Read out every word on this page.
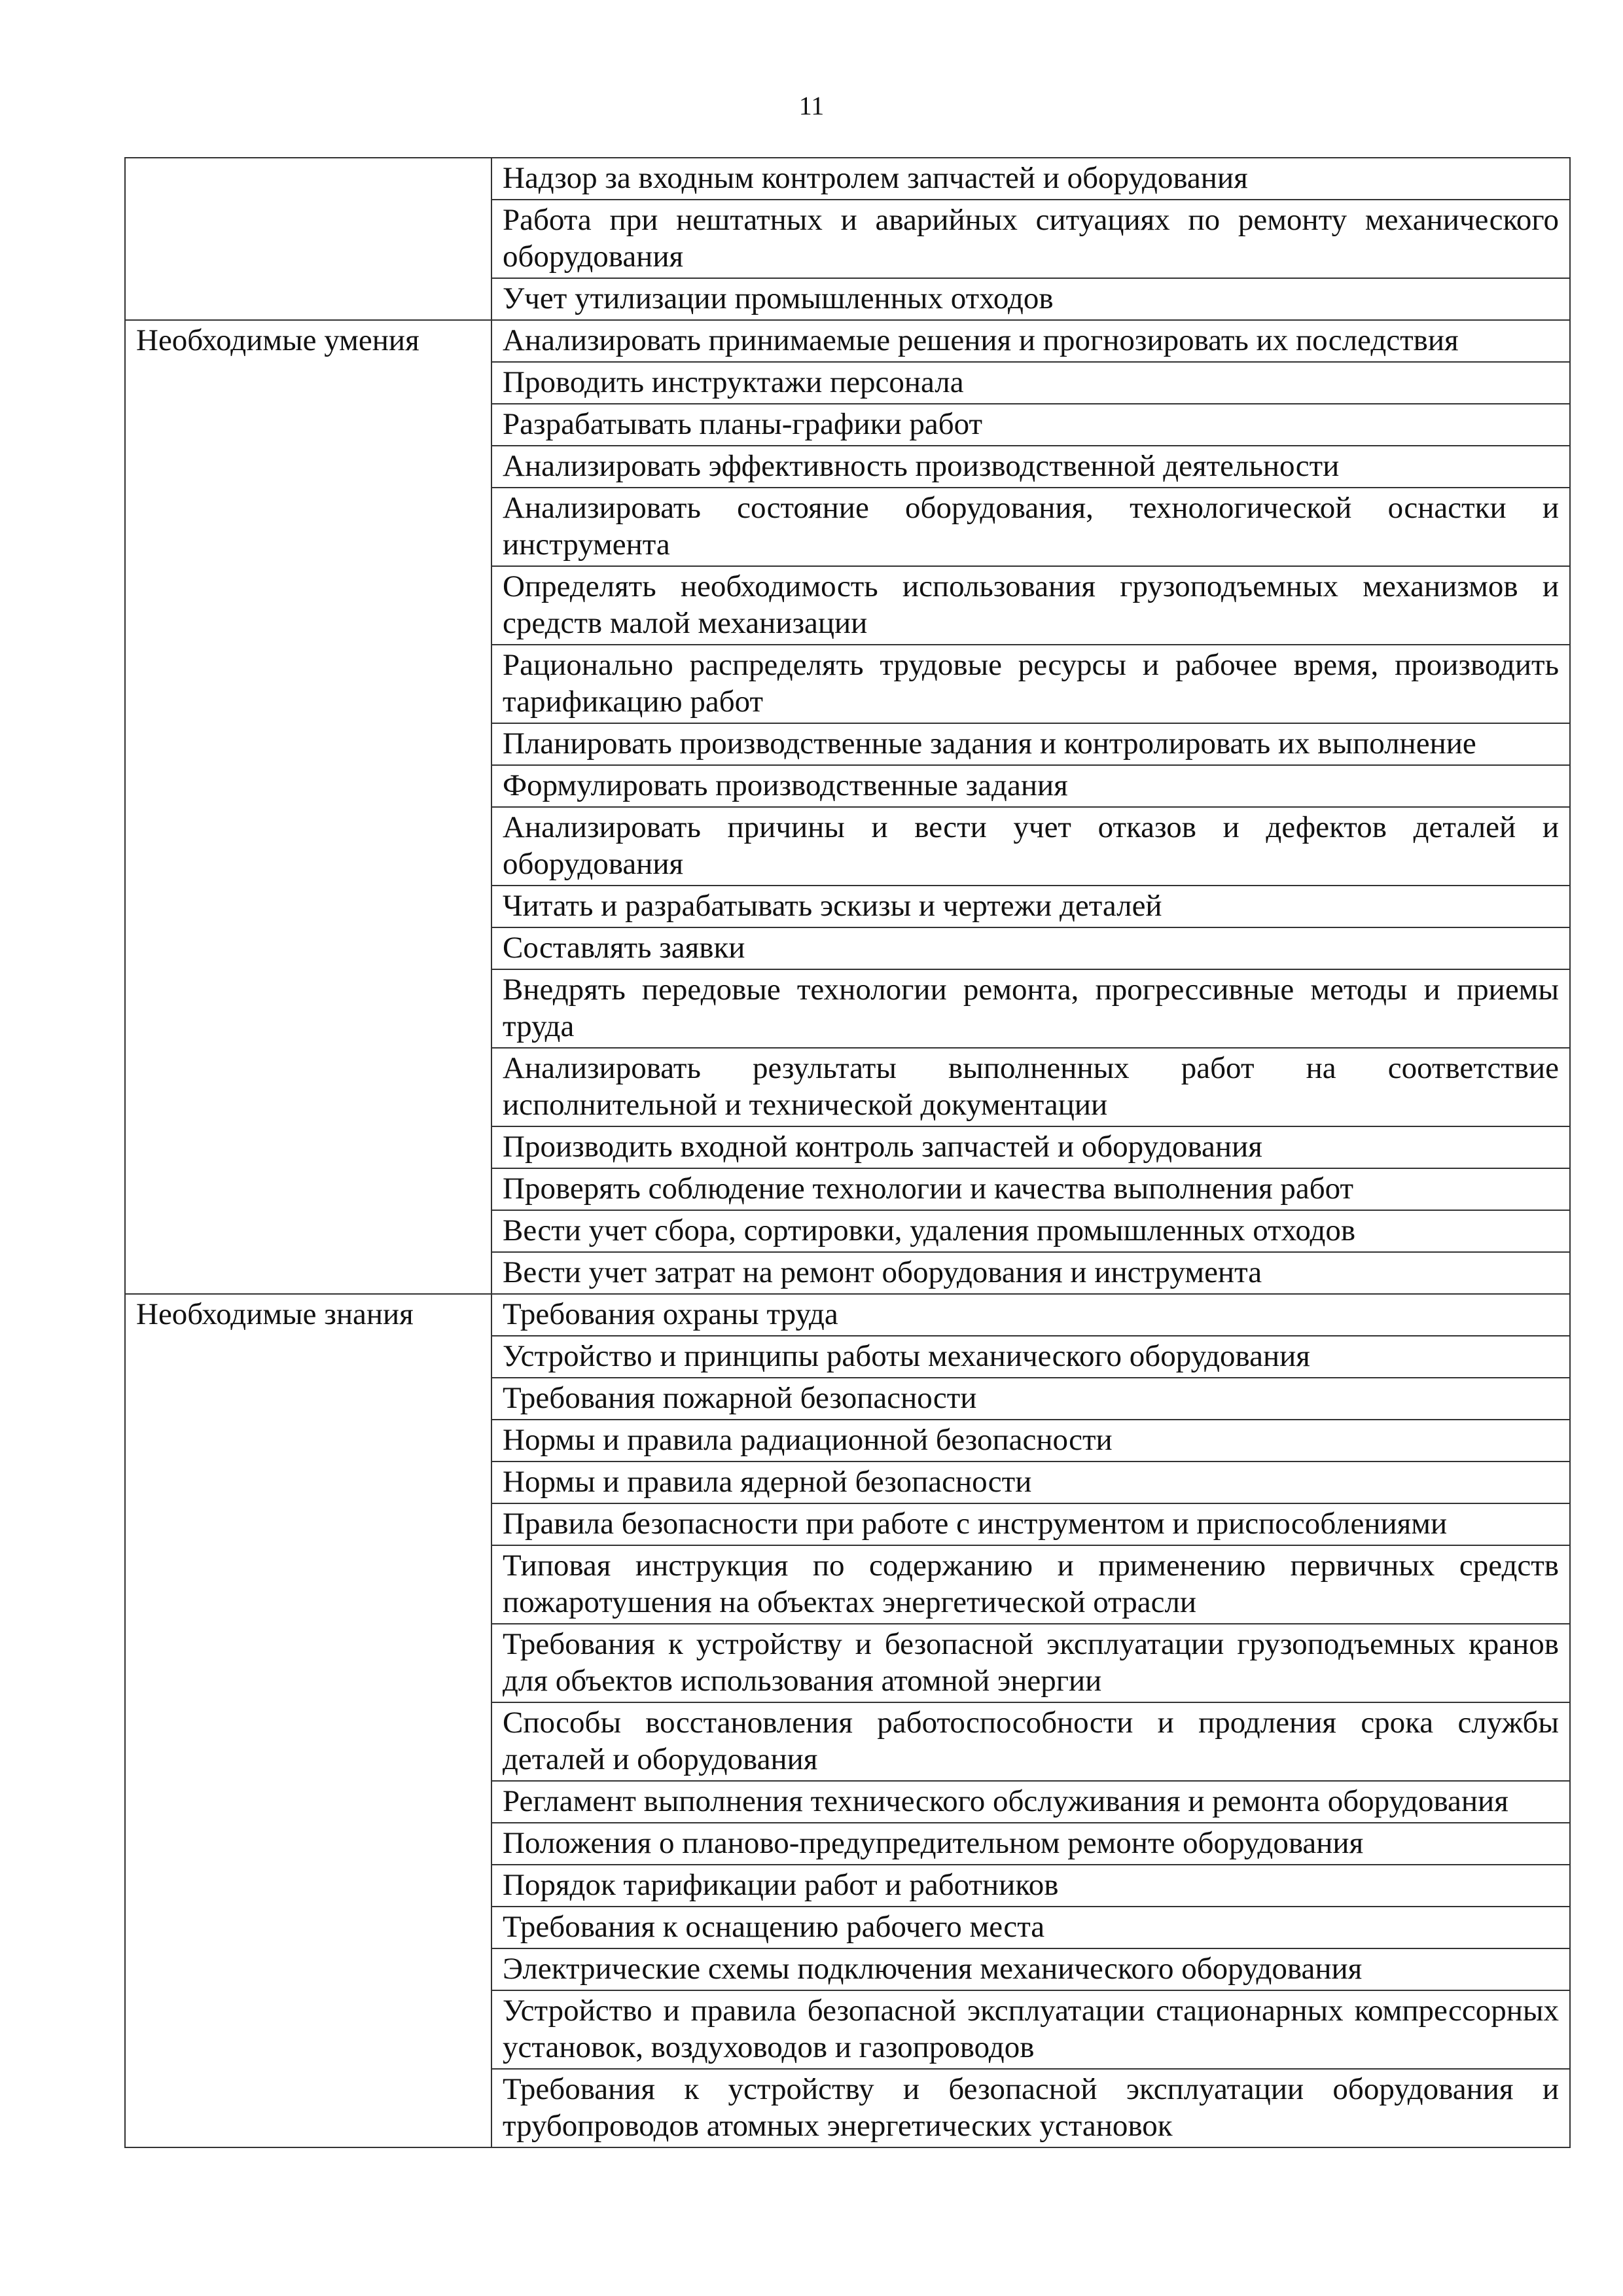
11
	Надзор за входным контролем запчастей и оборудования
	Работа при нештатных и аварийных ситуациях по ремонту механического оборудования
	Учет утилизации промышленных отходов
Необходимые умения	Анализировать принимаемые решения и прогнозировать их последствия
	Проводить инструктажи персонала
	Разрабатывать планы-графики работ
	Анализировать эффективность производственной деятельности
	Анализировать состояние оборудования, технологической оснастки и инструмента
	Определять необходимость использования грузоподъемных механизмов и средств малой механизации
	Рационально распределять трудовые ресурсы и рабочее время, производить тарификацию работ
	Планировать производственные задания и контролировать их выполнение
	Формулировать производственные задания
	Анализировать причины и вести учет отказов и дефектов деталей и оборудования
	Читать и разрабатывать эскизы и чертежи деталей
	Составлять заявки
	Внедрять передовые технологии ремонта, прогрессивные методы и приемы труда
	Анализировать результаты выполненных работ на соответствие исполнительной и технической документации
	Производить входной контроль запчастей и оборудования
	Проверять соблюдение технологии и качества выполнения работ
	Вести учет сбора, сортировки, удаления промышленных отходов
	Вести учет затрат на ремонт оборудования и инструмента
Необходимые знания	Требования охраны труда
	Устройство и принципы работы механического оборудования
	Требования пожарной безопасности
	Нормы и правила радиационной безопасности
	Нормы и правила ядерной безопасности
	Правила безопасности при работе с инструментом и приспособлениями
	Типовая инструкция по содержанию и применению первичных средств пожаротушения на объектах энергетической отрасли
	Требования к устройству и безопасной эксплуатации грузоподъемных кранов для объектов использования атомной энергии
	Способы восстановления работоспособности и продления срока службы деталей и оборудования
	Регламент выполнения технического обслуживания и ремонта оборудования
	Положения о планово-предупредительном ремонте оборудования
	Порядок тарификации работ и работников
	Требования к оснащению рабочего места
	Электрические схемы подключения механического оборудования
	Устройство и правила безопасной эксплуатации стационарных компрессорных установок, воздуховодов и газопроводов
	Требования к устройству и безопасной эксплуатации оборудования и трубопроводов атомных энергетических установок
